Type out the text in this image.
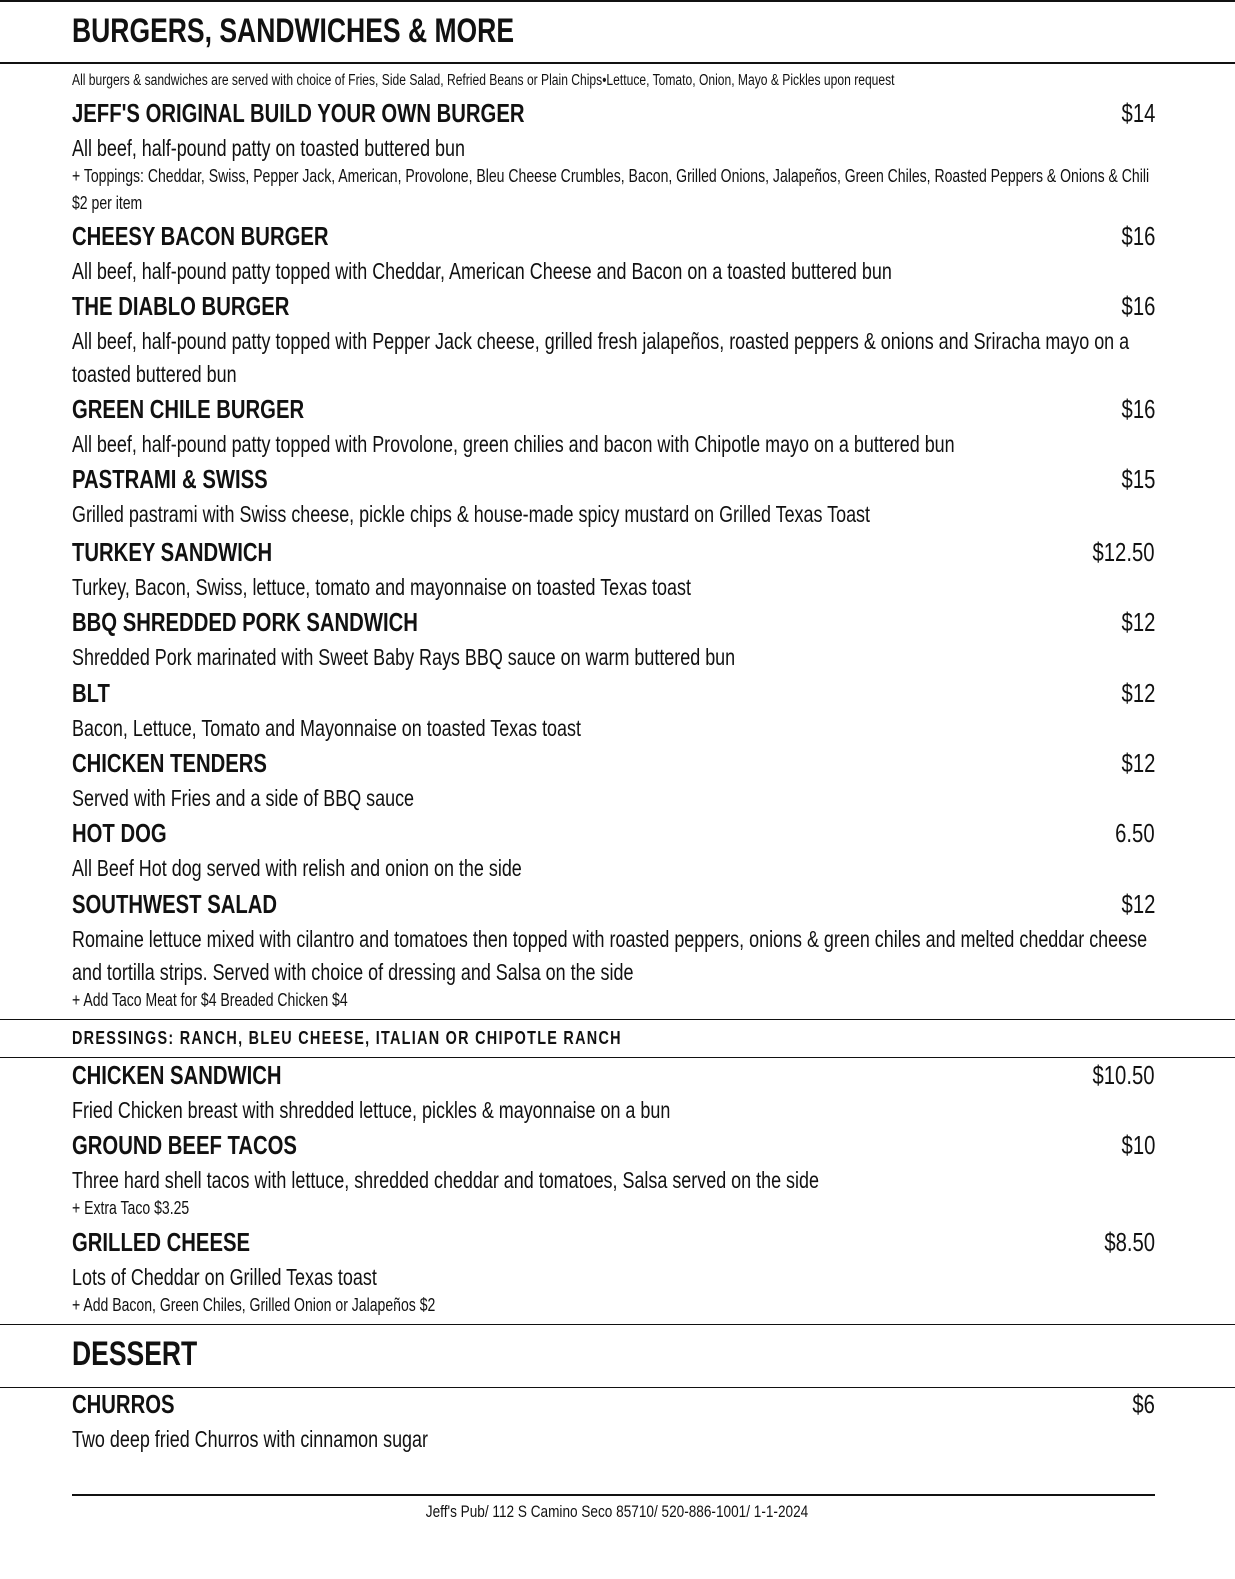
BURGERS, SANDWICHES & MORE
All burgers & sandwiches are served with choice of Fries, Side Salad, Refried Beans or Plain Chips•Lettuce, Tomato, Onion, Mayo & Pickles upon request
JEFF'S ORIGINAL BUILD YOUR OWN BURGER	$14
All beef, half-pound patty on toasted buttered bun
+ Toppings: Cheddar, Swiss, Pepper Jack, American, Provolone, Bleu Cheese Crumbles, Bacon, Grilled Onions, Jalapeños, Green Chiles, Roasted Peppers & Onions & Chili $2 per item
CHEESY BACON BURGER	$16
All beef, half-pound patty topped with Cheddar, American Cheese and Bacon on a toasted buttered bun
THE DIABLO BURGER	$16
All beef, half-pound patty topped with Pepper Jack cheese, grilled fresh jalapeños, roasted peppers & onions and Sriracha mayo on a toasted buttered bun
GREEN CHILE BURGER	$16
All beef, half-pound patty topped with Provolone, green chilies and bacon with Chipotle mayo on a buttered bun
PASTRAMI & SWISS	$15
Grilled pastrami with Swiss cheese, pickle chips & house-made spicy mustard on Grilled Texas Toast
TURKEY SANDWICH	$12.50
Turkey, Bacon, Swiss, lettuce, tomato and mayonnaise on toasted Texas toast
BBQ SHREDDED PORK SANDWICH	$12
Shredded Pork marinated with Sweet Baby Rays BBQ sauce on warm buttered bun
BLT	$12
Bacon, Lettuce, Tomato and Mayonnaise on toasted Texas toast
CHICKEN TENDERS	$12
Served with Fries and a side of BBQ sauce
HOT DOG	6.50
All Beef Hot dog served with relish and onion on the side
SOUTHWEST SALAD	$12
Romaine lettuce mixed with cilantro and tomatoes then topped with roasted peppers, onions & green chiles and melted cheddar cheese and tortilla strips. Served with choice of dressing and Salsa on the side
+ Add Taco Meat for $4 Breaded Chicken $4
DRESSINGS: RANCH, BLEU CHEESE, ITALIAN OR CHIPOTLE RANCH
CHICKEN SANDWICH	$10.50
Fried Chicken breast with shredded lettuce, pickles & mayonnaise on a bun
GROUND BEEF TACOS	$10
Three hard shell tacos with lettuce, shredded cheddar and tomatoes, Salsa served on the side
+ Extra Taco $3.25
GRILLED CHEESE	$8.50
Lots of Cheddar on Grilled Texas toast
+ Add Bacon, Green Chiles, Grilled Onion or Jalapeños $2
DESSERT
CHURROS	$6
Two deep fried Churros with cinnamon sugar
Jeff's Pub/ 112 S Camino Seco 85710/ 520-886-1001/ 1-1-2024
